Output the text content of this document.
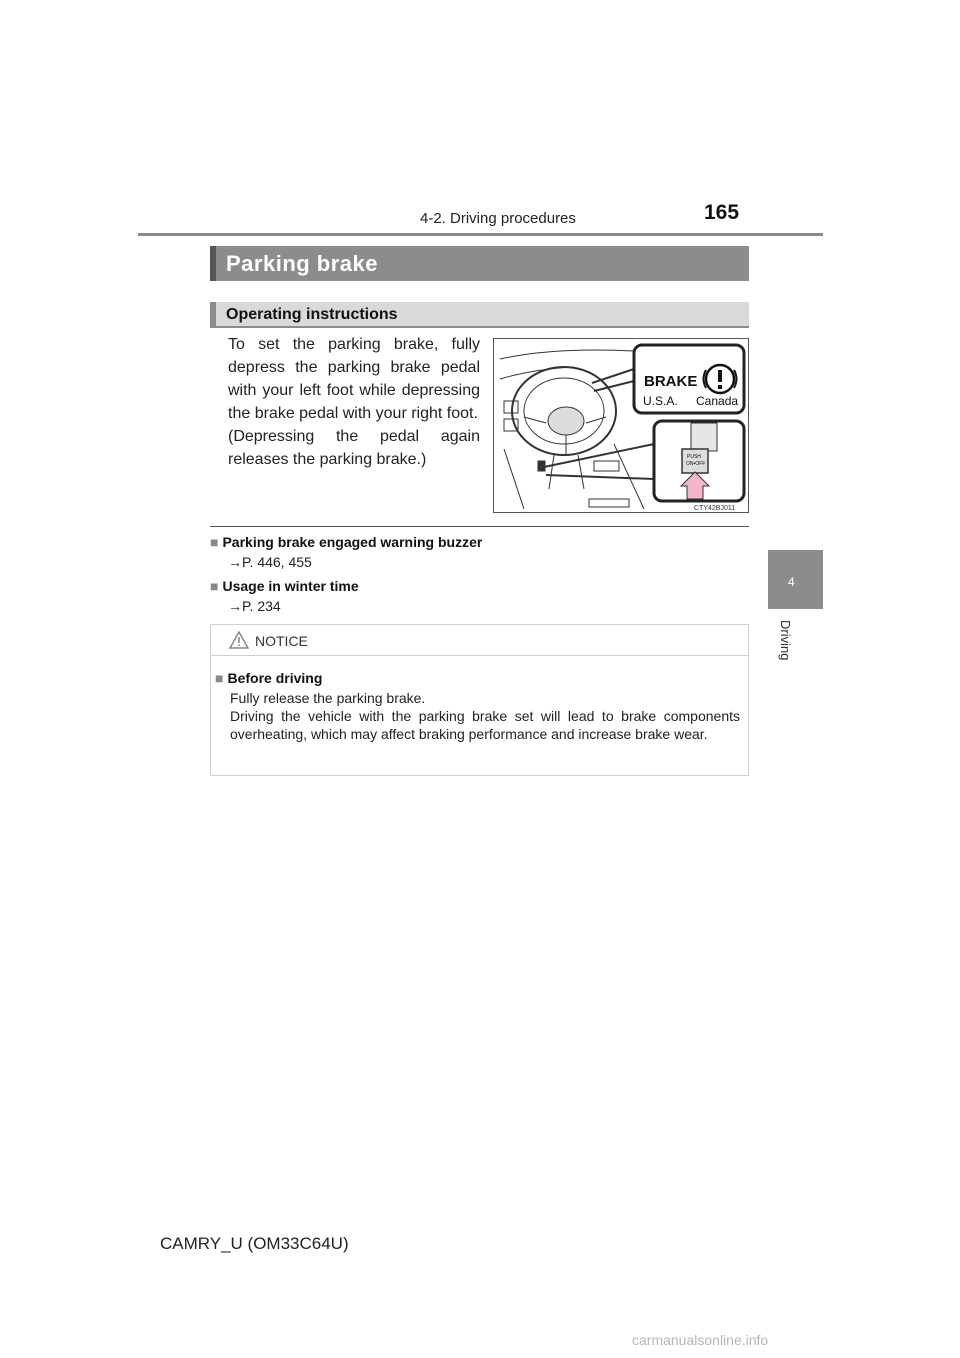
4-2. Driving procedures	165
4
Driving
Parking brake
Operating instructions

To set the parking brake, fully depress the parking brake pedal with your left foot while depressing the brake pedal with your right foot.

(Depressing the pedal again releases the parking brake.)

BRAKE
U.S.A. Canada
PUSH
ON•OFF
CTY42BJ011
■ Parking brake engaged warning buzzer
→P. 446, 455
■ Usage in winter time
→P. 234
NOTICE
■ Before driving

Fully release the parking brake.

Driving the vehicle with the parking brake set will lead to brake components overheating, which may affect braking performance and increase brake wear.

CAMRY_U (OM33C64U)
carmanualsonline.info
